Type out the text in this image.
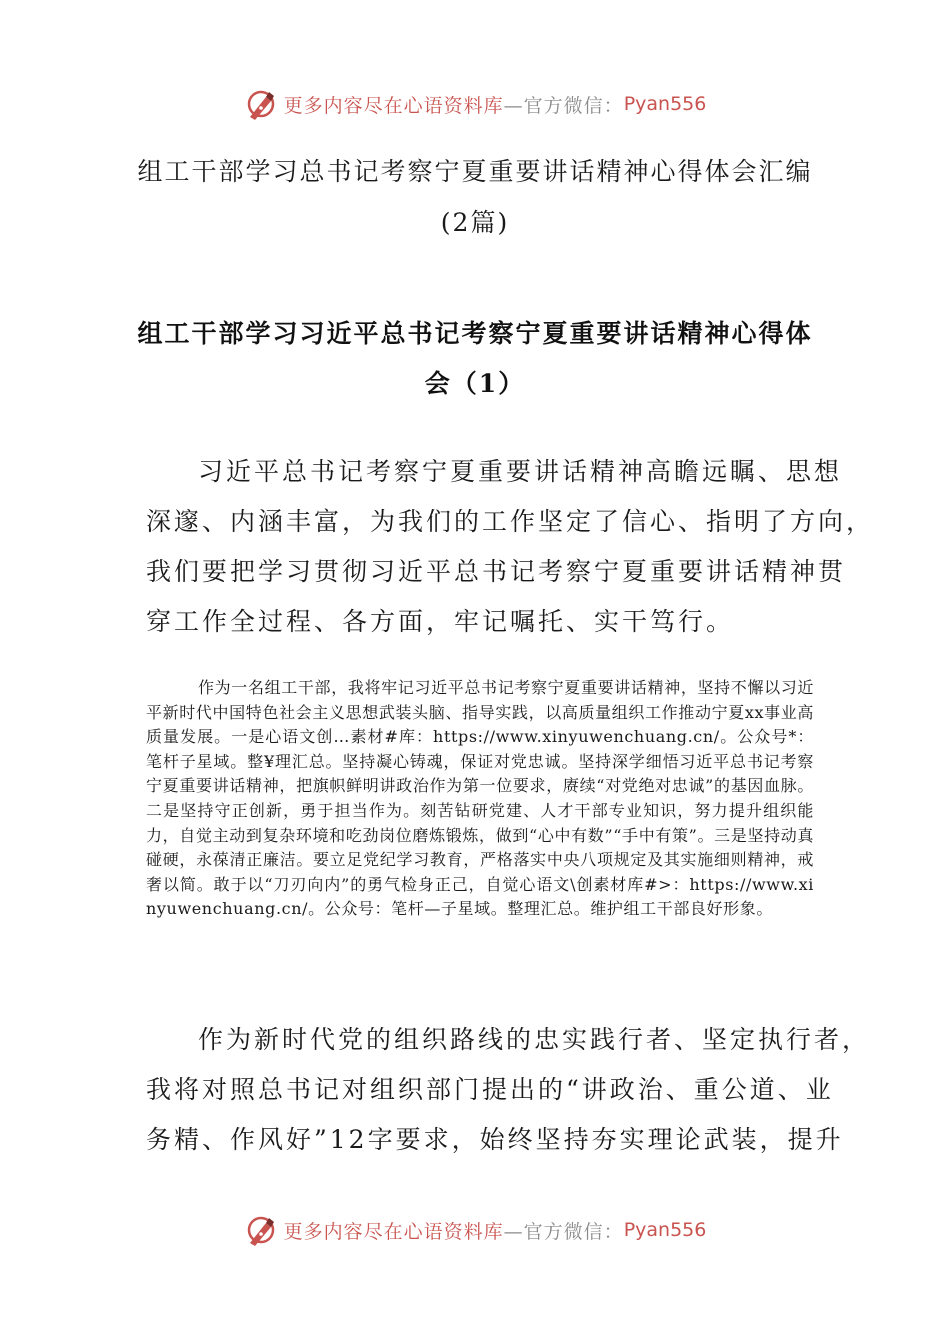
更多内容尽在心语资料库 —官方微信： Pyan556
组工干部学习总书记考察宁夏重要讲话精神心得体会汇编
(2篇)
组工干部学习习近平总书记考察宁夏重要讲话精神心得体
会（1）
习近平总书记考察宁夏重要讲话精神高瞻远瞩、思想
深邃、内涵丰富，为我们的工作坚定了信心、指明了方向，
我们要把学习贯彻习近平总书记考察宁夏重要讲话精神贯
穿工作全过程、各方面，牢记嘱托、实干笃行。
作为一名组工干部，我将牢记习近平总书记考察宁夏重要讲话精神，坚持不懈以习近平新时代中国特色社会主义思想武装头脑、指导实践，以高质量组织工作推动宁夏xx事业高质量发展。一是心语文创…素材#库：https://www.xinyuwenchuang.cn/。公众号*：笔杆子星域。整¥理汇总。坚持凝心铸魂，保证对党忠诚。坚持深学细悟习近平总书记考察宁夏重要讲话精神，把旗帜鲜明讲政治作为第一位要求，赓续“对党绝对忠诚”的基因血脉。二是坚持守正创新，勇于担当作为。刻苦钻研党建、人才干部专业知识，努力提升组织能力，自觉主动到复杂环境和吃劲岗位磨炼锻炼，做到“心中有数”“手中有策”。三是坚持动真碰硬，永葆清正廉洁。要立足党纪学习教育，严格落实中央八项规定及其实施细则精神，戒奢以简。敢于以“刀刃向内”的勇气检身正己，自觉心语文\创素材库#>：https://www.xinyuwenchuang.cn/。公众号：笔杆—子星域。整理汇总。维护组工干部良好形象。
作为新时代党的组织路线的忠实践行者、坚定执行者，
我将对照总书记对组织部门提出的“讲政治、重公道、业
务精、作风好”12字要求，始终坚持夯实理论武装，提升
更多内容尽在心语资料库 —官方微信： Pyan556
